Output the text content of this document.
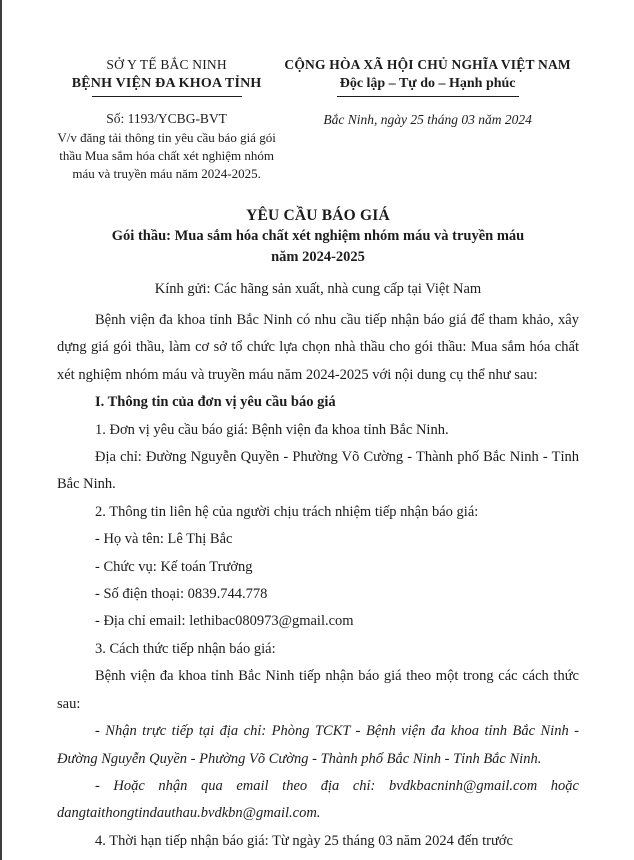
SỞ Y TẾ BẮC NINH
BỆNH VIỆN ĐA KHOA TỈNH
Số: 1193/YCBG-BVT
V/v đăng tải thông tin yêu cầu báo giá gói thầu Mua sắm hóa chất xét nghiệm nhóm máu và truyền máu năm 2024-2025.
CỘNG HÒA XÃ HỘI CHỦ NGHĨA VIỆT NAM
Độc lập – Tự do – Hạnh phúc
Bắc Ninh, ngày 25 tháng 03 năm 2024
YÊU CẦU BÁO GIÁ
Gói thầu: Mua sắm hóa chất xét nghiệm nhóm máu và truyền máu
năm 2024-2025
Kính gửi: Các hãng sản xuất, nhà cung cấp tại Việt Nam

Bệnh viện đa khoa tỉnh Bắc Ninh có nhu cầu tiếp nhận báo giá để tham khảo, xây dựng giá gói thầu, làm cơ sở tổ chức lựa chọn nhà thầu cho gói thầu: Mua sắm hóa chất xét nghiệm nhóm máu và truyền máu năm 2024-2025 với nội dung cụ thể như sau:

I. Thông tin của đơn vị yêu cầu báo giá

1. Đơn vị yêu cầu báo giá: Bệnh viện đa khoa tỉnh Bắc Ninh.

Địa chỉ: Đường Nguyễn Quyền - Phường Võ Cường - Thành phố Bắc Ninh - Tỉnh Bắc Ninh.

2. Thông tin liên hệ của người chịu trách nhiệm tiếp nhận báo giá:

- Họ và tên: Lê Thị Bắc

- Chức vụ: Kế toán Trưởng

- Số điện thoại: 0839.744.778

- Địa chỉ email: lethibac080973@gmail.com

3. Cách thức tiếp nhận báo giá:

Bệnh viện đa khoa tỉnh Bắc Ninh tiếp nhận báo giá theo một trong các cách thức sau:

- Nhận trực tiếp tại địa chỉ: Phòng TCKT - Bệnh viện đa khoa tỉnh Bắc Ninh - Đường Nguyễn Quyền - Phường Võ Cường - Thành phố Bắc Ninh - Tỉnh Bắc Ninh.

- Hoặc nhận qua email theo địa chỉ: bvdkbacninh@gmail.com hoặc dangtaithongtindauthau.bvdkbn@gmail.com.

4. Thời hạn tiếp nhận báo giá: Từ ngày 25 tháng 03 năm 2024 đến trước
